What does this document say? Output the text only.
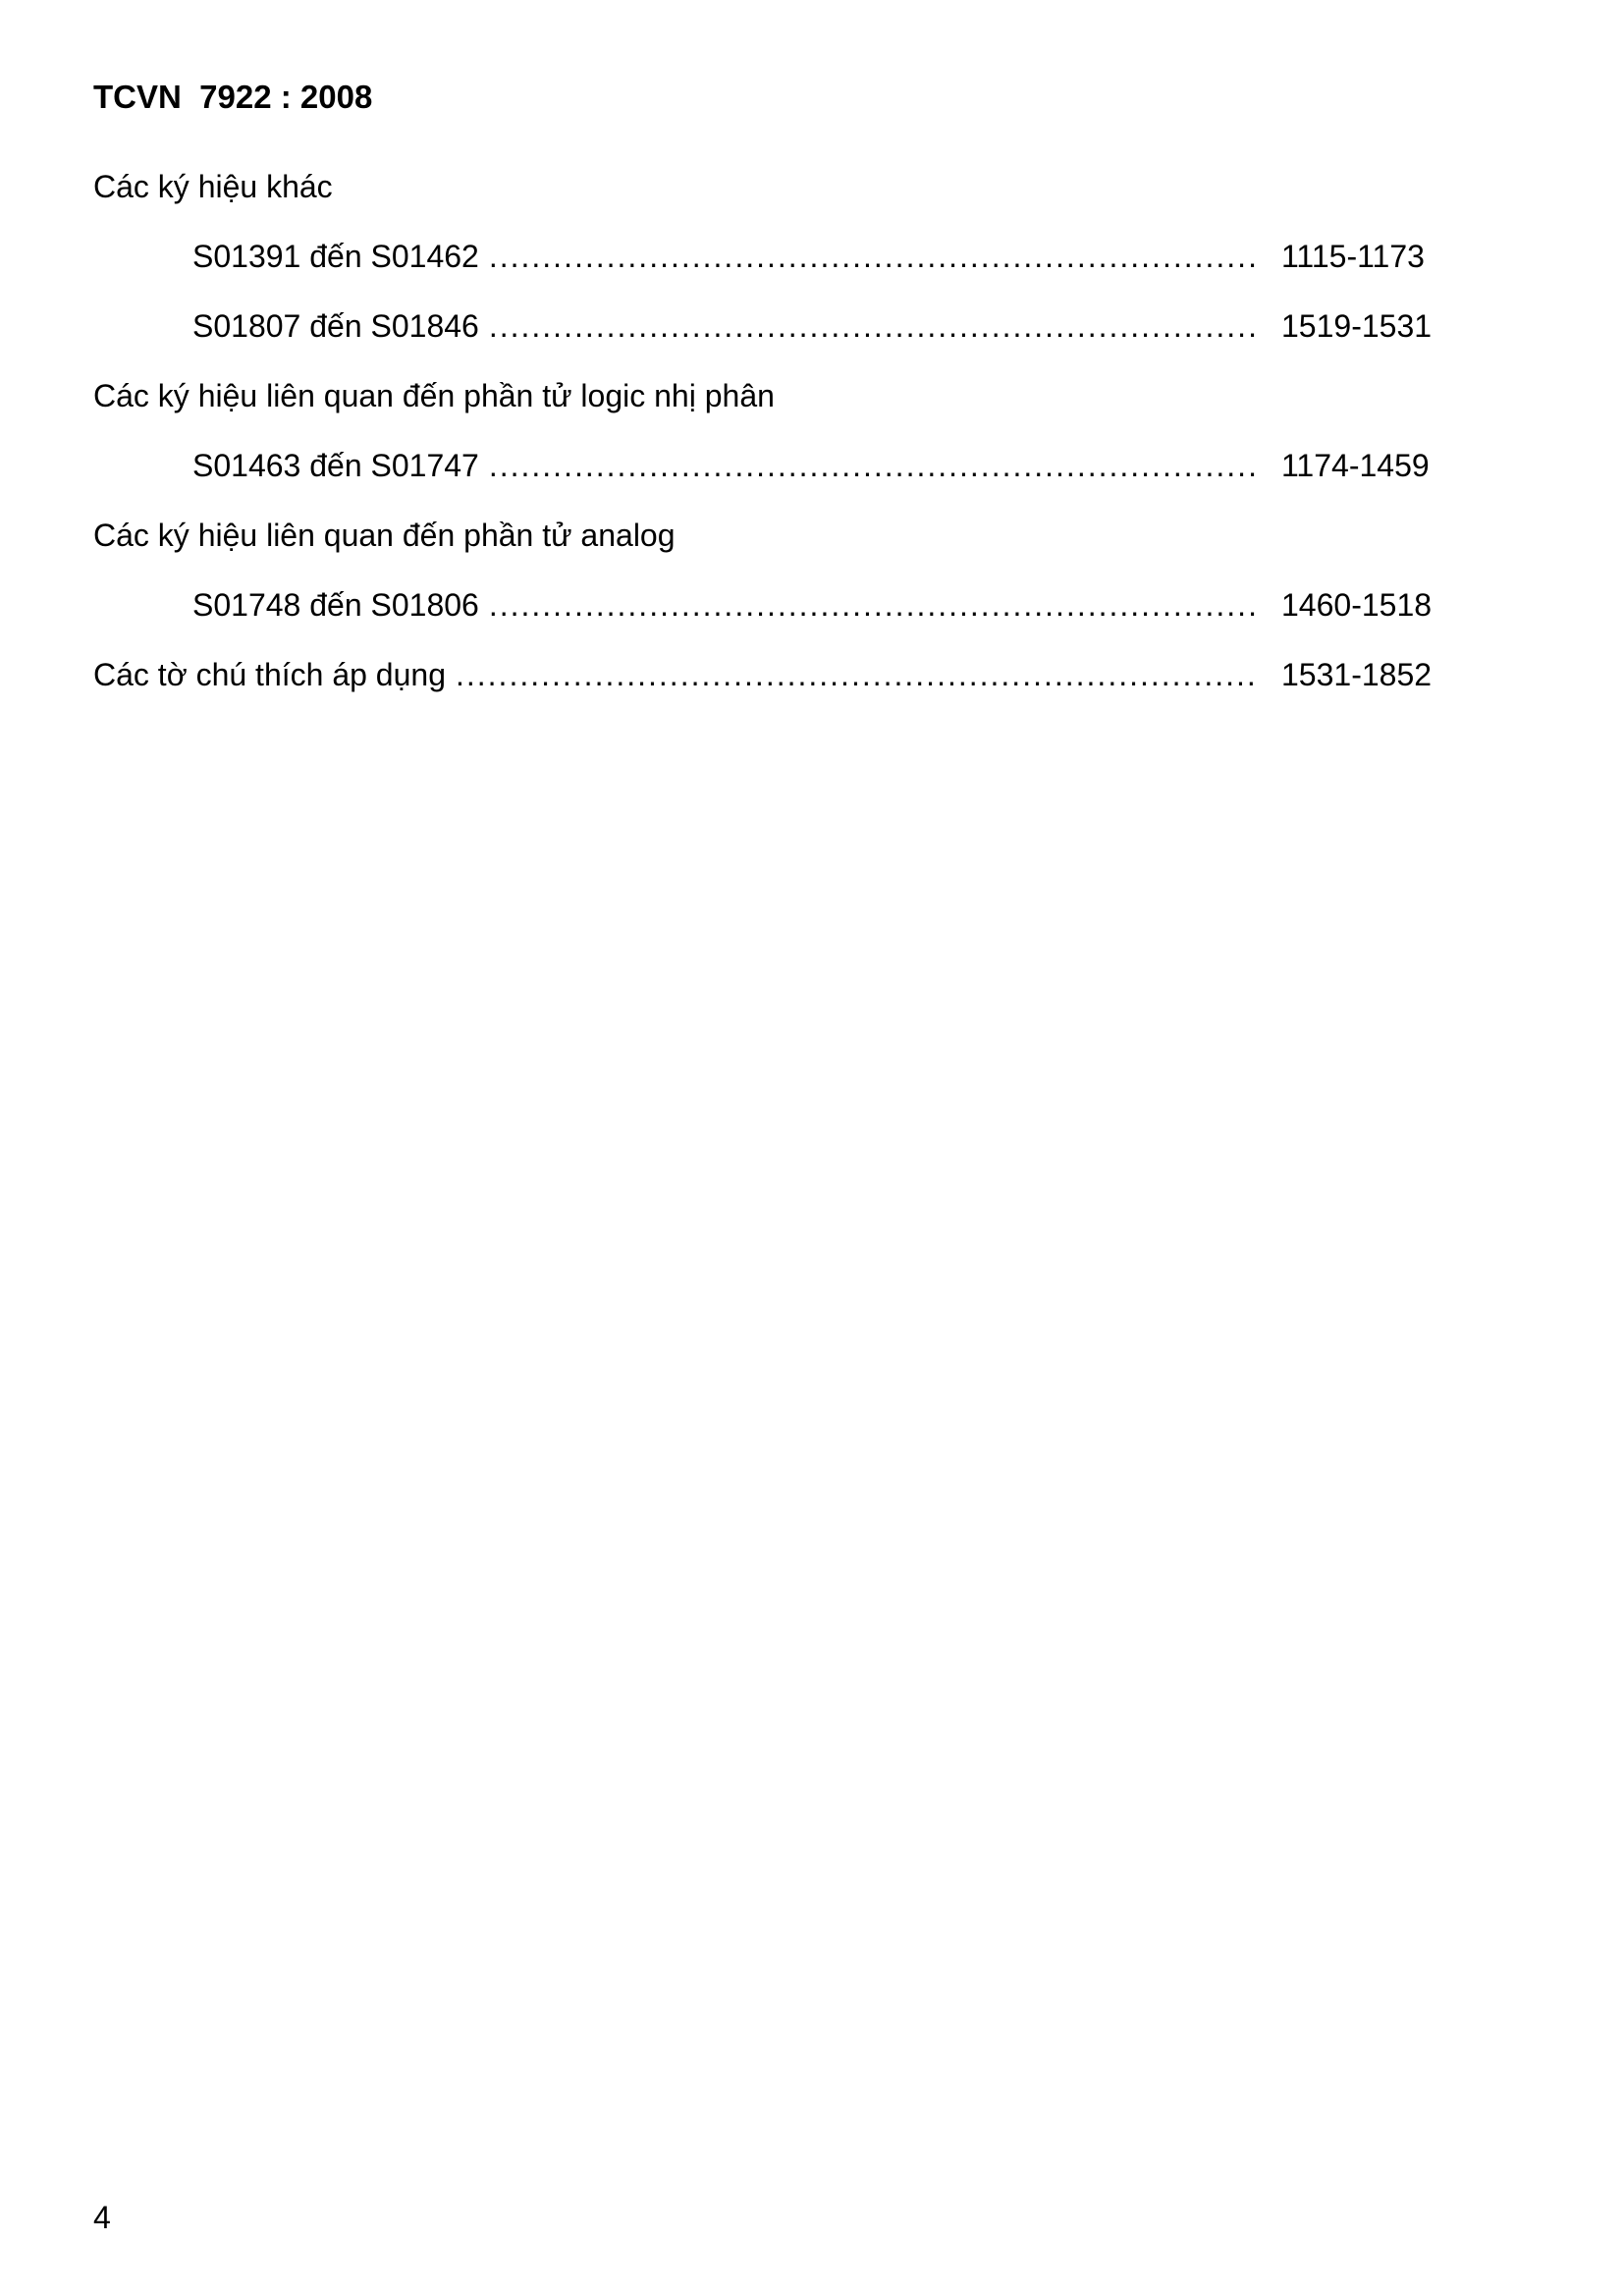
TCVN  7922 : 2008
Các ký hiệu khác
S01391 đến S01462 .....	1115-1173
S01807 đến S01846 .....	1519-1531
Các ký hiệu liên quan đến phần tử logic nhị phân
S01463 đến S01747 .....	1174-1459
Các ký hiệu liên quan đến phần tử analog
S01748 đến S01806 .....	1460-1518
Các tờ chú thích áp dụng .....	1531-1852
4
